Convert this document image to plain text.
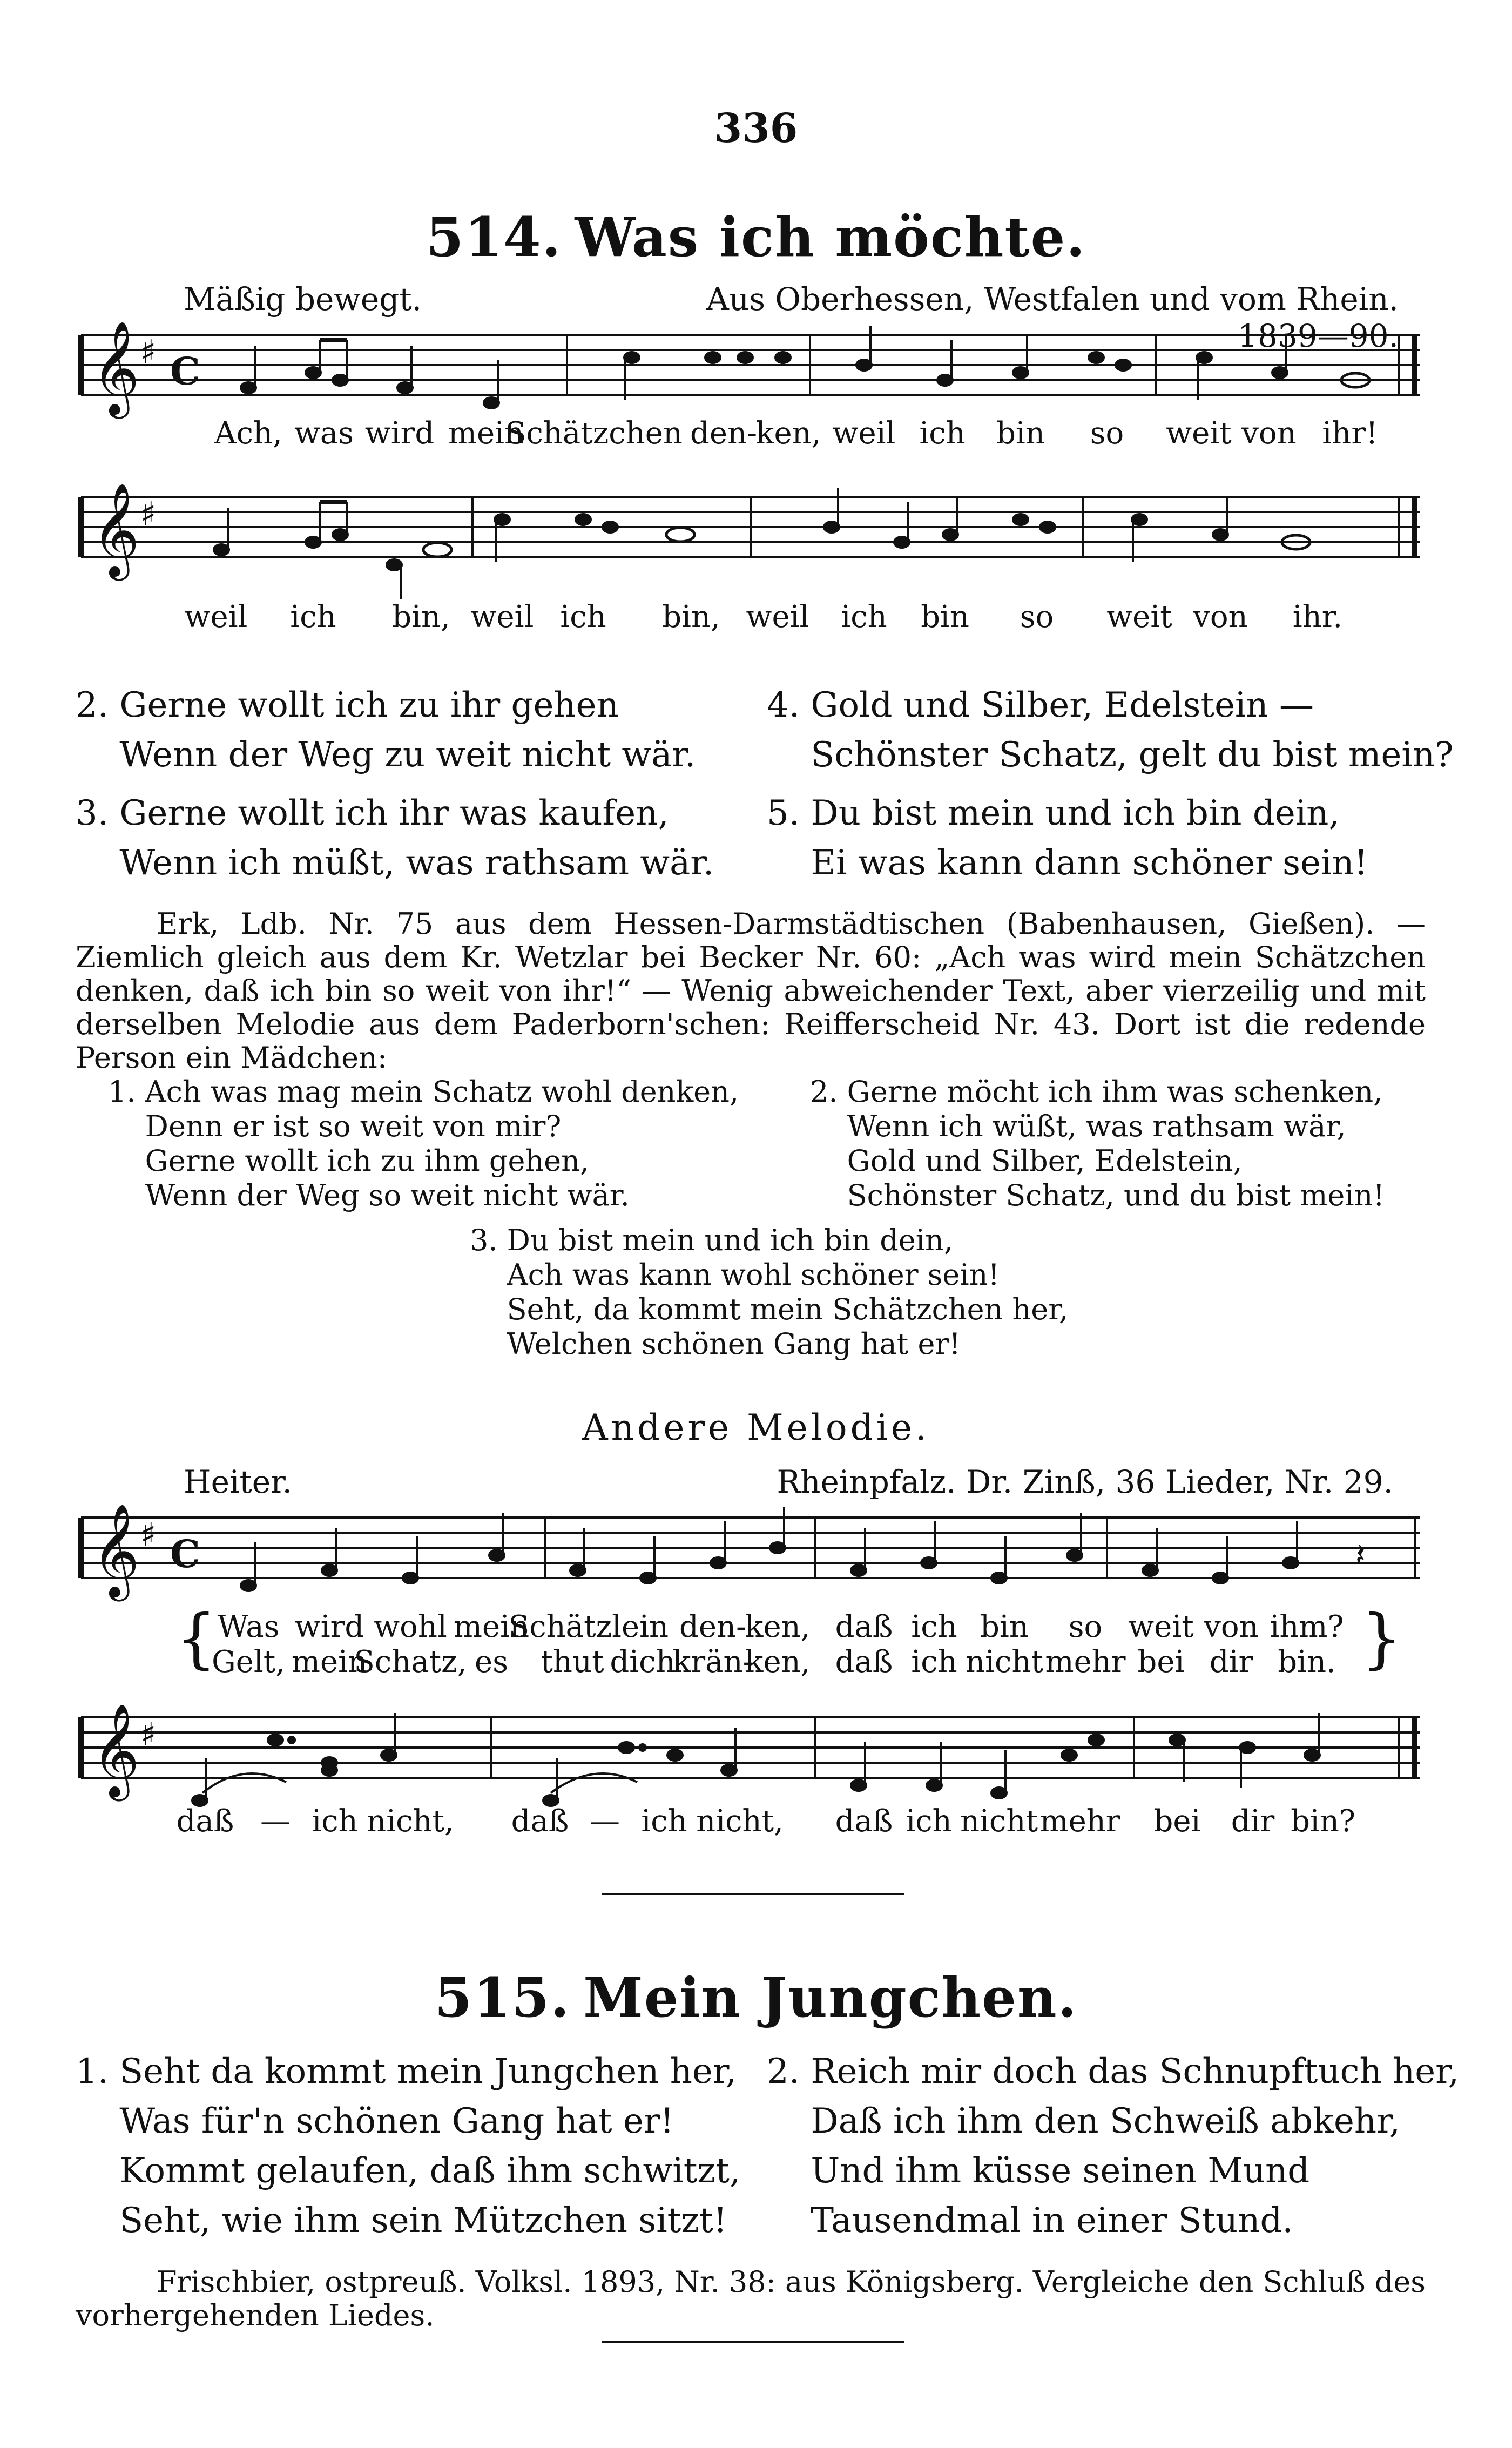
336
514. Was ich möchte.
Mäßig bewegt.	Aus Oberhessen, Westfalen und vom Rhein. 1839—90.
𝄞 ♯ C
Ach, was wird mein
Schätzchen den-
ken, weil ich bin so weit von ihr!
𝄞 ♯
weil ich bin, weil ich bin, weil ich bin so weit von ihr.
2. Gerne wollt ich zu ihr gehen
Wenn der Weg zu weit nicht wär.
3. Gerne wollt ich ihr was kaufen,
Wenn ich müßt, was rathsam wär.
4. Gold und Silber, Edelstein —
Schönster Schatz, gelt du bist mein?
5. Du bist mein und ich bin dein,
Ei was kann dann schöner sein!
Erk, Ldb. Nr. 75 aus dem Hessen-Darmstädtischen (Babenhausen, Gießen). — Ziemlich gleich aus dem Kr. Wetzlar bei Becker Nr. 60: „Ach was wird mein Schätzchen denken, daß ich bin so weit von ihr!“ — Wenig abweichender Text, aber vierzeilig und mit derselben Melodie aus dem Paderborn'schen: Reifferscheid Nr. 43. Dort ist die redende Person ein Mädchen:
1. Ach was mag mein Schatz wohl denken,
Denn er ist so weit von mir?
Gerne wollt ich zu ihm gehen,
Wenn der Weg so weit nicht wär.
2. Gerne möcht ich ihm was schenken,
Wenn ich wüßt, was rathsam wär,
Gold und Silber, Edelstein,
Schönster Schatz, und du bist mein!
3. Du bist mein und ich bin dein,
Ach was kann wohl schöner sein!
Seht, da kommt mein Schätzchen her,
Welchen schönen Gang hat er!
Andere Melodie.
Heiter.	Rheinpfalz. Dr. Zinß, 36 Lieder, Nr. 29.
𝄞 ♯ C	𝄽
{	}
Was wird wohl mein
Schätzlein den-
ken, daß ich bin so weit von ihm?
Gelt, mein
Schatz, es thut dich
krän-
ken, daß ich nicht mehr bei dir bin.
𝄞 ♯
daß — ich nicht, daß — ich nicht, daß ich nicht mehr bei dir bin?
515. Mein Jungchen.
1. Seht da kommt mein Jungchen her,
Was für'n schönen Gang hat er!
Kommt gelaufen, daß ihm schwitzt,
Seht, wie ihm sein Mützchen sitzt!
2. Reich mir doch das Schnupftuch her,
Daß ich ihm den Schweiß abkehr,
Und ihm küsse seinen Mund
Tausendmal in einer Stund.
Frischbier, ostpreuß. Volksl. 1893, Nr. 38: aus Königsberg. Vergleiche den Schluß des vorhergehenden Liedes.
